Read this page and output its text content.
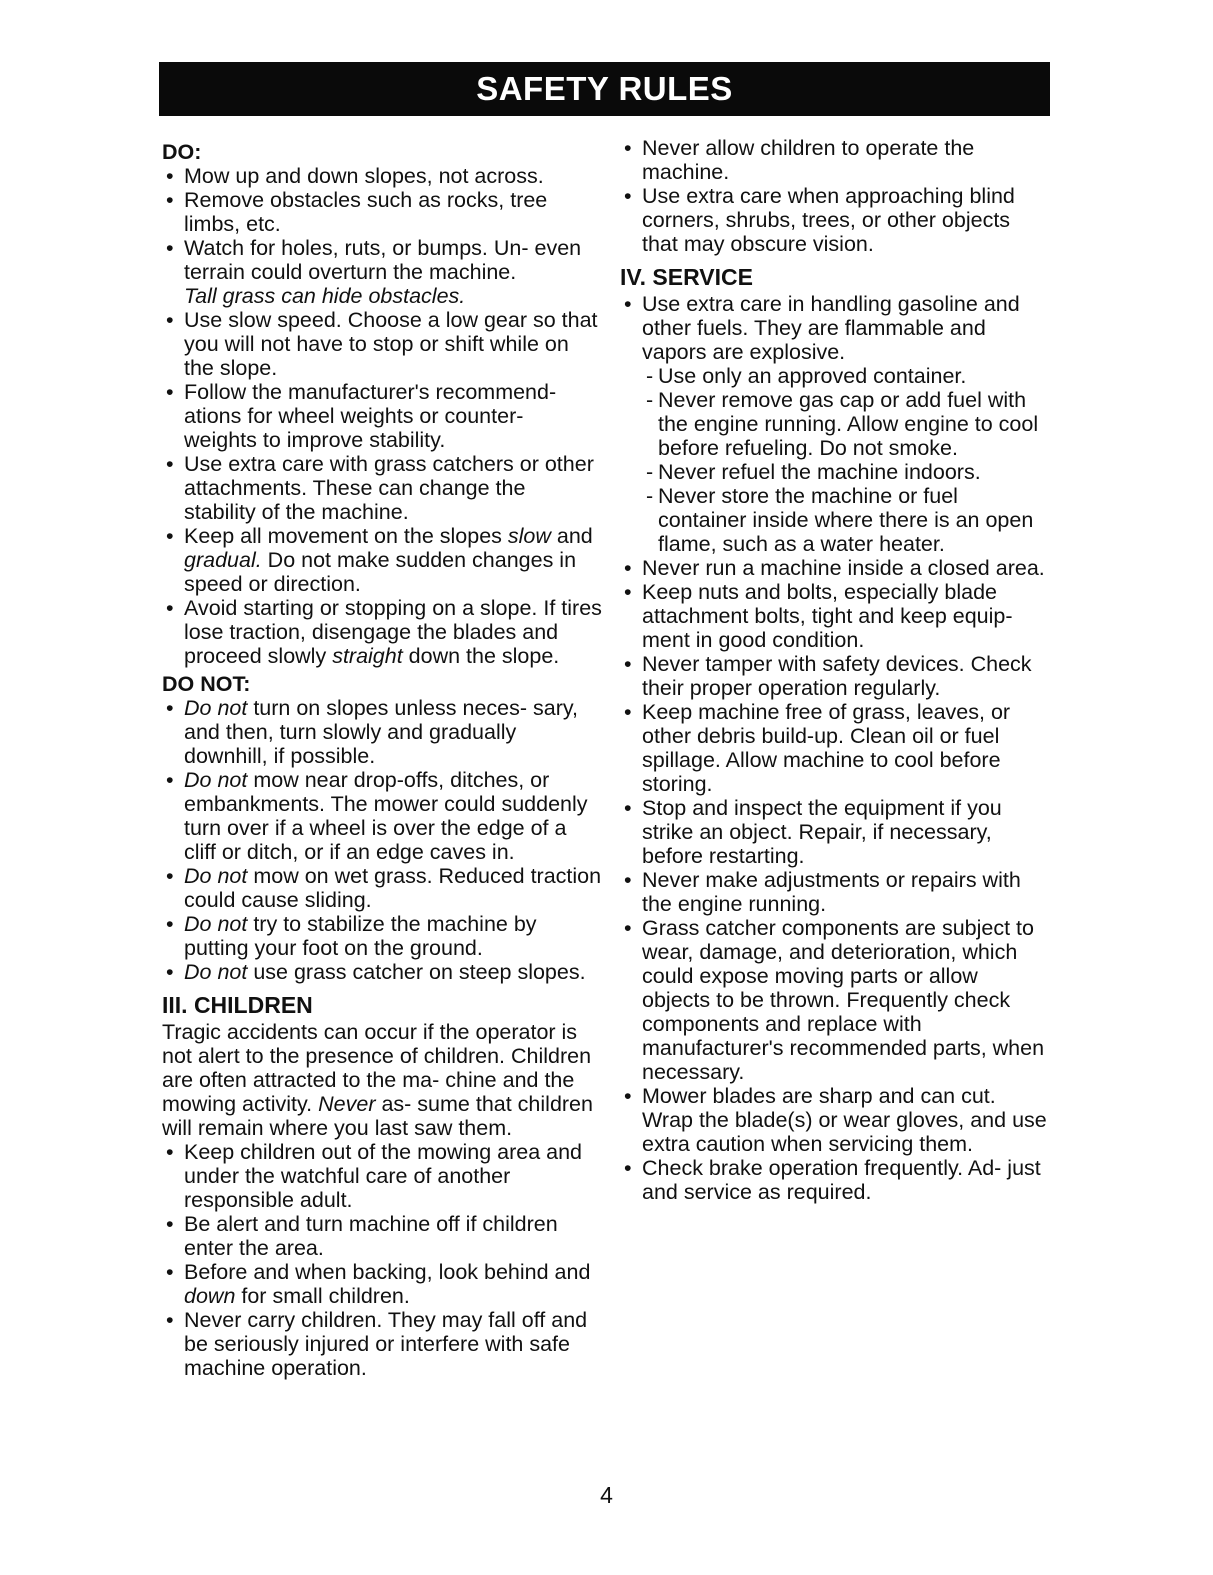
SAFETY RULES
DO:
• Mow up and down slopes, not across.
• Remove obstacles such as rocks, tree limbs, etc.
• Watch for holes, ruts, or bumps. Un- even terrain could overturn the machine.
Tall grass can hide obstacles.
• Use slow speed. Choose a low gear so that you will not have to stop or shift while on the slope.
• Follow the manufacturer's recommend- ations for wheel weights or counter- weights to improve stability.
• Use extra care with grass catchers or other attachments. These can change the stability of the machine.
• Keep all movement on the slopes slow and gradual. Do not make sudden changes in speed or direction.
• Avoid starting or stopping on a slope. If tires lose traction, disengage the blades and proceed slowly straight down the slope.
DO NOT:
• Do not turn on slopes unless neces- sary, and then, turn slowly and gradually downhill, if possible.
• Do not mow near drop-offs, ditches, or embankments. The mower could suddenly turn over if a wheel is over the edge of a cliff or ditch, or if an edge caves in.
• Do not mow on wet grass. Reduced traction could cause sliding.
• Do not try to stabilize the machine by putting your foot on the ground.
• Do not use grass catcher on steep slopes.
III. CHILDREN

Tragic accidents can occur if the operator is not alert to the presence of children. Children are often attracted to the ma- chine and the mowing activity. Never as- sume that children will remain where you last saw them.

• Keep children out of the mowing area and under the watchful care of another responsible adult.
• Be alert and turn machine off if children enter the area.
• Before and when backing, look behind and down for small children.
• Never carry children. They may fall off and be seriously injured or interfere with safe machine operation.
• Never allow children to operate the machine.
• Use extra care when approaching blind corners, shrubs, trees, or other objects that may obscure vision.
IV. SERVICE
• Use extra care in handling gasoline and other fuels. They are flammable and vapors are explosive.
- Use only an approved container.
- Never remove gas cap or add fuel with the engine running. Allow engine to cool before refueling. Do not smoke.
- Never refuel the machine indoors.
- Never store the machine or fuel container inside where there is an open flame, such as a water heater.
• Never run a machine inside a closed area.
• Keep nuts and bolts, especially blade attachment bolts, tight and keep equip- ment in good condition.
• Never tamper with safety devices. Check their proper operation regularly.
• Keep machine free of grass, leaves, or other debris build-up. Clean oil or fuel spillage. Allow machine to cool before storing.
• Stop and inspect the equipment if you strike an object. Repair, if necessary, before restarting.
• Never make adjustments or repairs with the engine running.
• Grass catcher components are subject to wear, damage, and deterioration, which could expose moving parts or allow objects to be thrown. Frequently check components and replace with manufacturer's recommended parts, when necessary.
• Mower blades are sharp and can cut. Wrap the blade(s) or wear gloves, and use extra caution when servicing them.
• Check brake operation frequently. Ad- just and service as required.
4
